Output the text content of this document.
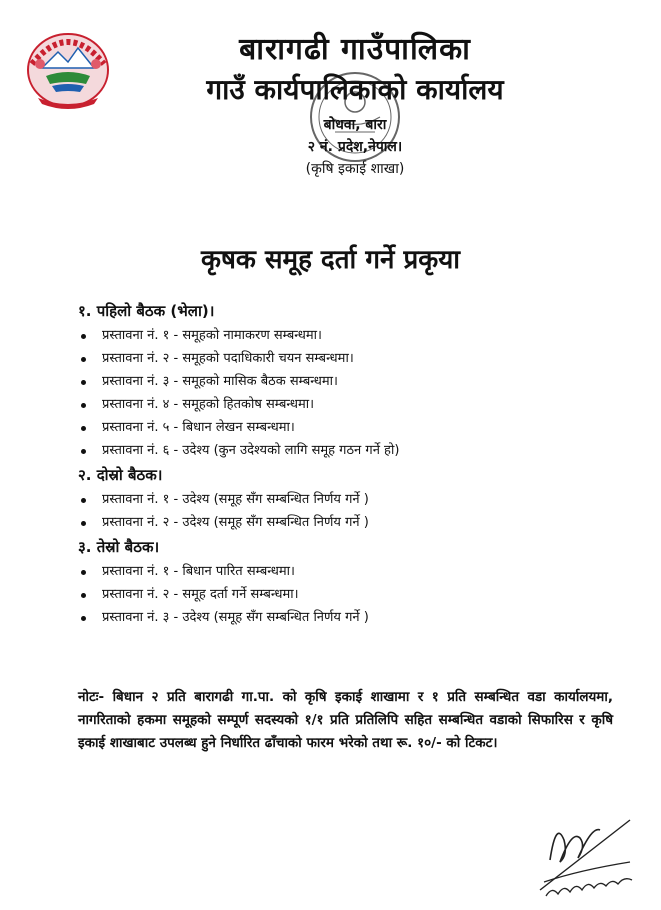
बारागढी गाउँपालिका
गाउँ कार्यपालिकाको कार्यालय
बोधवा, बारा
२ नं. प्रदेश,नेपाल।
(कृषि इकाई शाखा)
कृषक समूह दर्ता गर्ने प्रकृया
१. पहिलो बैठक (भेला)।
प्रस्तावना नं. १ - समूहको नामाकरण सम्बन्धमा।
प्रस्तावना नं. २ - समूहको पदाधिकारी चयन सम्बन्धमा।
प्रस्तावना नं. ३ - समूहको मासिक बैठक सम्बन्धमा।
प्रस्तावना नं. ४ - समूहको हितकोष सम्बन्धमा।
प्रस्तावना नं. ५ - बिधान लेखन सम्बन्धमा।
प्रस्तावना नं. ६ - उदेश्य (कुन उदेश्यको लागि समूह गठन गर्ने हो)
२. दोस्रो बैठक।
प्रस्तावना नं. १ - उदेश्य (समूह सँग सम्बन्धित निर्णय गर्ने )
प्रस्तावना नं. २ - उदेश्य (समूह सँग सम्बन्धित निर्णय गर्ने )
३. तेस्रो बैठक।
प्रस्तावना नं. १ - बिधान पारित सम्बन्धमा।
प्रस्तावना नं. २ - समूह दर्ता गर्ने सम्बन्धमा।
प्रस्तावना नं. ३ - उदेश्य (समूह सँग सम्बन्धित निर्णय गर्ने )
नोटः- बिधान २ प्रति बारागढी गा.पा. को कृषि इकाई शाखामा र १ प्रति सम्बन्धित वडा कार्यालयमा, नागरिताको हकमा समूहको सम्पूर्ण सदस्यको १/१ प्रति प्रतिलिपि सहित सम्बन्धित वडाको सिफारिस र कृषि इकाई शाखाबाट उपलब्ध हुने निर्धारित ढाँचाको फारम भरेको तथा रू. १०/- को टिकट।
